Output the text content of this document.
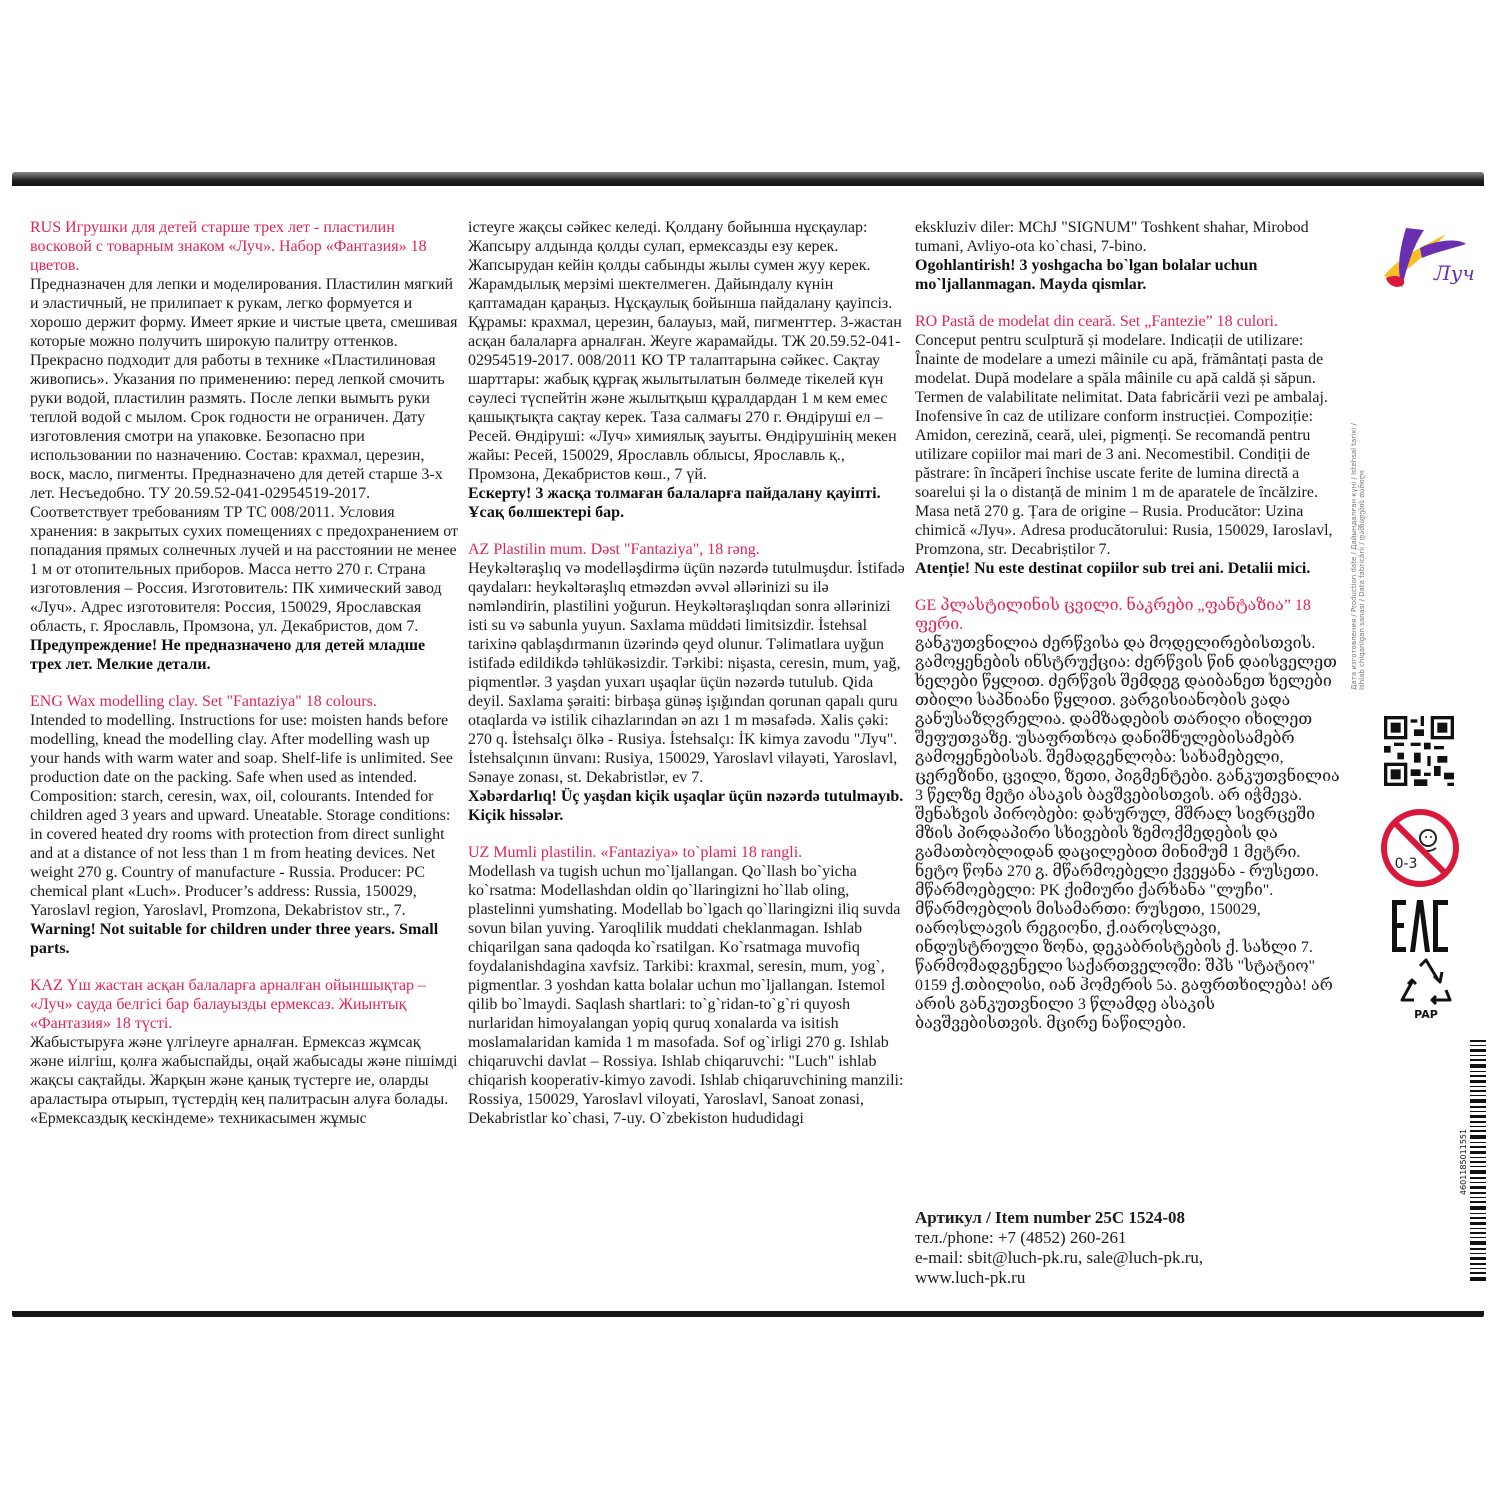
RUS Игрушки для детей старше трех лет - пластилин восковой с товарным знаком «Луч». Набор «Фантазия» 18 цветов.

Предназначен для лепки и моделирования. Пластилин мягкий и эластичный, не прилипает к рукам, легко формуется и хорошо держит форму. Имеет яркие и чистые цвета, смешивая которые можно получить широкую палитру оттенков. Прекрасно подходит для работы в технике «Пластилиновая живопись». Указания по применению: перед лепкой смочить руки водой, пластилин размять. После лепки вымыть руки теплой водой с мылом. Срок годности не ограничен. Дату изготовления смотри на упаковке. Безопасно при использовании по назначению. Состав: крахмал, церезин, воск, масло, пигменты. Предназначено для детей старше 3-х лет. Несъедобно. ТУ 20.59.52-041-02954519-2017. Соответствует требованиям ТР ТС 008/2011. Условия хранения: в закрытых сухих помещениях с предохранением от попадания прямых солнечных лучей и на расстоянии не менее 1 м от отопительных приборов. Масса нетто 270 г. Страна изготовления – Россия. Изготовитель: ПК химический завод «Луч». Адрес изготовителя: Россия, 150029, Ярославская область, г. Ярославль, Промзона, ул. Декабристов, дом 7.

Предупреждение! Не предназначено для детей младше трех лет. Мелкие детали.

ENG Wax modelling clay. Set "Fantaziya" 18 colours.

Intended to modelling. Instructions for use: moisten hands before modelling, knead the modelling clay. After modelling wash up your hands with warm water and soap. Shelf-life is unlimited. See production date on the packing. Safe when used as intended. Composition: starch, ceresin, wax, oil, colourants. Intended for children aged 3 years and upward. Uneatable. Storage conditions: in covered heated dry rooms with protection from direct sunlight and at a distance of not less than 1 m from heating devices. Net weight 270 g. Country of manufacture - Russia. Producer: PC chemical plant «Luch». Producer’s address: Russia, 150029, Yaroslavl region, Yaroslavl, Promzona, Dekabristov str., 7.

Warning! Not suitable for children under three years. Small parts.

KAZ Үш жастан асқан балаларға арналған ойыншықтар – «Луч» сауда белгісі бар балауызды ермексаз. Жиынтық «Фантазия» 18 түсті.

Жабыстыруға және үлгілеуге арналған. Ермексаз жұмсақ және иілгіш, қолға жабыспайды, оңай жабысады және пішімді жақсы сақтайды. Жарқын және қанық түстерге ие, оларды араластыра отырып, түстердің кең палитрасын алуға болады. «Ермексаздық кескіндеме» техникасымен жұмыс

істеуге жақсы сәйкес келеді. Қолдану бойынша нұсқаулар: Жапсыру алдында қолды сулап, ермексазды езу керек. Жапсырудан кейін қолды сабынды жылы сумен жуу керек. Жарамдылық мерзімі шектелмеген. Дайындалу күнін қаптамадан қараңыз. Нұсқаулық бойынша пайдалану қауіпсіз. Құрамы: крахмал, церезин, балауыз, май, пигменттер. 3-жастан асқан балаларға арналған. Жеуге жарамайды. ТЖ 20.59.52-041-02954519-2017. 008/2011 КО ТР талаптарына сәйкес. Сақтау шарттары: жабық құрғақ жылытылатын бөлмеде тікелей күн сәулесі түспейтін және жылытқыш құралдардан 1 м кем емес қашықтықта сақтау керек. Таза салмағы 270 г. Өндіруші ел – Ресей. Өндіруші: «Луч» химиялық зауыты. Өндірушінің мекен жайы: Ресей, 150029, Ярославль облысы, Ярославль қ., Промзона, Декабристов көш., 7 үй.

Ескерту! 3 жасқа толмаған балаларға пайдалану қауіпті. Ұсақ бөлшектері бар.

AZ Plastilin mum. Dəst "Fantaziya", 18 rəng.

Heykəltəraşlıq və modelləşdirmə üçün nəzərdə tutulmuşdur. İstifadə qaydaları: heykəltəraşlıq etməzdən əvvəl əllərinizi su ilə nəmləndirin, plastilini yoğurun. Heykəltəraşlıqdan sonra əllərinizi isti su və sabunla yuyun. Saxlama müddəti limitsizdir. İstehsal tarixinə qablaşdırmanın üzərində qeyd olunur. Təlimatlara uyğun istifadə edildikdə təhlükəsizdir. Tərkibi: nişasta, ceresin, mum, yağ, piqmentlər. 3 yaşdan yuxarı uşaqlar üçün nəzərdə tutulub. Qida deyil. Saxlama şəraiti: birbaşa günəş işığından qorunan qapalı quru otaqlarda və istilik cihazlarından ən azı 1 m məsafədə. Xalis çəki: 270 q. İstehsalçı ölkə - Rusiya. İstehsalçı: İK kimya zavodu "Луч". İstehsalçının ünvanı: Rusiya, 150029, Yaroslavl vilayəti, Yaroslavl, Sənaye zonası, st. Dekabristlər, ev 7.

Xəbərdarlıq! Üç yaşdan kiçik uşaqlar üçün nəzərdə tutulmayıb. Kiçik hissələr.

UZ Mumli plastilin. «Fantaziya» to`plami 18 rangli.

Modellash va tugish uchun mo`ljallangan. Qo`llash bo`yicha ko`rsatma: Modellashdan oldin qo`llaringizni ho`llab oling, plastelinni yumshating. Modellab bo`lgach qo`llaringizni iliq suvda sovun bilan yuving. Yaroqlilik muddati cheklanmagan. Ishlab chiqarilgan sana qadoqda ko`rsatilgan. Ko`rsatmaga muvofiq foydalanishdagina xavfsiz. Tarkibi: kraxmal, seresin, mum, yog`, pigmentlar. 3 yoshdan katta bolalar uchun mo`ljallangan. Istemol qilib bo`lmaydi. Saqlash shartlari: to`g`ridan-to`g`ri quyosh nurlaridan himoyalangan yopiq quruq xonalarda va isitish moslamalaridan kamida 1 m masofada. Sof og`irligi 270 g. Ishlab chiqaruvchi davlat – Rossiya. Ishlab chiqaruvchi: "Luch" ishlab chiqarish kooperativ-kimyo zavodi. Ishlab chiqaruvchining manzili: Rossiya, 150029, Yaroslavl viloyati, Yaroslavl, Sanoat zonasi, Dekabristlar ko`chasi, 7-uy. O`zbekiston hududidagi

ekskluziv diler: MChJ "SIGNUM" Toshkent shahar, Mirobod tumani, Avliyo-ota ko`chasi, 7-bino.

Ogohlantirish! 3 yoshgacha bo`lgan bolalar uchun mo`ljallanmagan. Mayda qismlar.

RO Pastă de modelat din ceară. Set „Fantezie” 18 culori.

Conceput pentru sculptură și modelare. Indicații de utilizare: Înainte de modelare a umezi mâinile cu apă, frământați pasta de modelat. După modelare a spăla mâinile cu apă caldă și săpun. Termen de valabilitate nelimitat. Data fabricării vezi pe ambalaj. Inofensive în caz de utilizare conform instrucției. Compoziție: Amidon, cerezină, ceară, ulei, pigmenți. Se recomandă pentru utilizare copiilor mai mari de 3 ani. Necomestibil. Condiții de păstrare: în încăperi închise uscate ferite de lumina directă a soarelui și la o distanță de minim 1 m de aparatele de încălzire. Masa netă 270 g. Țara de origine – Rusia. Producător: Uzina chimică «Луч». Adresa producătorului: Rusia, 150029, Iaroslavl, Promzona, str. Decabriștilor 7.

Atenție! Nu este destinat copiilor sub trei ani. Detalii mici.

GE პლასტილინის ცვილი. ნაკრები „ფანტაზია” 18 ფერი.

განკუთვნილია ძერწვისა და მოდელირებისთვის. გამოყენების ინსტრუქცია: ძერწვის წინ დაისველეთ ხელები წყლით. ძერწვის შემდეგ დაიბანეთ ხელები თბილი საპნიანი წყლით. ვარგისიანობის ვადა განუსაზღვრელია. დამზადების თარიღი იხილეთ შეფუთვაზე. უსაფრთხოა დანიშნულებისამებრ გამოყენებისას. შემადგენლობა: სახამებელი, ცერეზინი, ცვილი, ზეთი, პიგმენტები. განკუთვნილია 3 წელზე მეტი ასაკის ბავშვებისთვის. არ იჭმევა. შენახვის პირობები: დახურულ, მშრალ სივრცეში მზის პირდაპირი სხივების ზემოქმედების და გამათბობლიდან დაცილებით მინიმუმ 1 მეტრი. ნეტო წონა 270 გ. მწარმოებელი ქვეყანა - რუსეთი. მწარმოებელი: PK ქიმიური ქარხანა "ლუჩი". მწარმოებლის მისამართი: რუსეთი, 150029, იაროსლავის რეგიონი, ქ.იაროსლავი, ინდუსტრიული ზონა, დეკაბრისტების ქ. სახლი 7. წარმომადგენელი საქართველოში: შპს "სტატიო" 0159 ქ.თბილისი, იან ჰომერის 5ა. გაფრთხილება! არ არის განკუთვნილი 3 წლამდე ასაკის ბავშვებისთვის. მცირე ნაწილები.

Артикул / Item number 25С 1524-08
тел./phone: +7 (4852) 260-261
e-mail: sbit@luch-pk.ru, sale@luch-pk.ru,
www.luch-pk.ru
Луч
Дата изготовления / Production date / Дайындалған күні / Istehsal tarixi / Ishlab chiqarilgan sanasi / Data fabricării / დამზადების თარიღი
0-3
PAP
4601185011551
